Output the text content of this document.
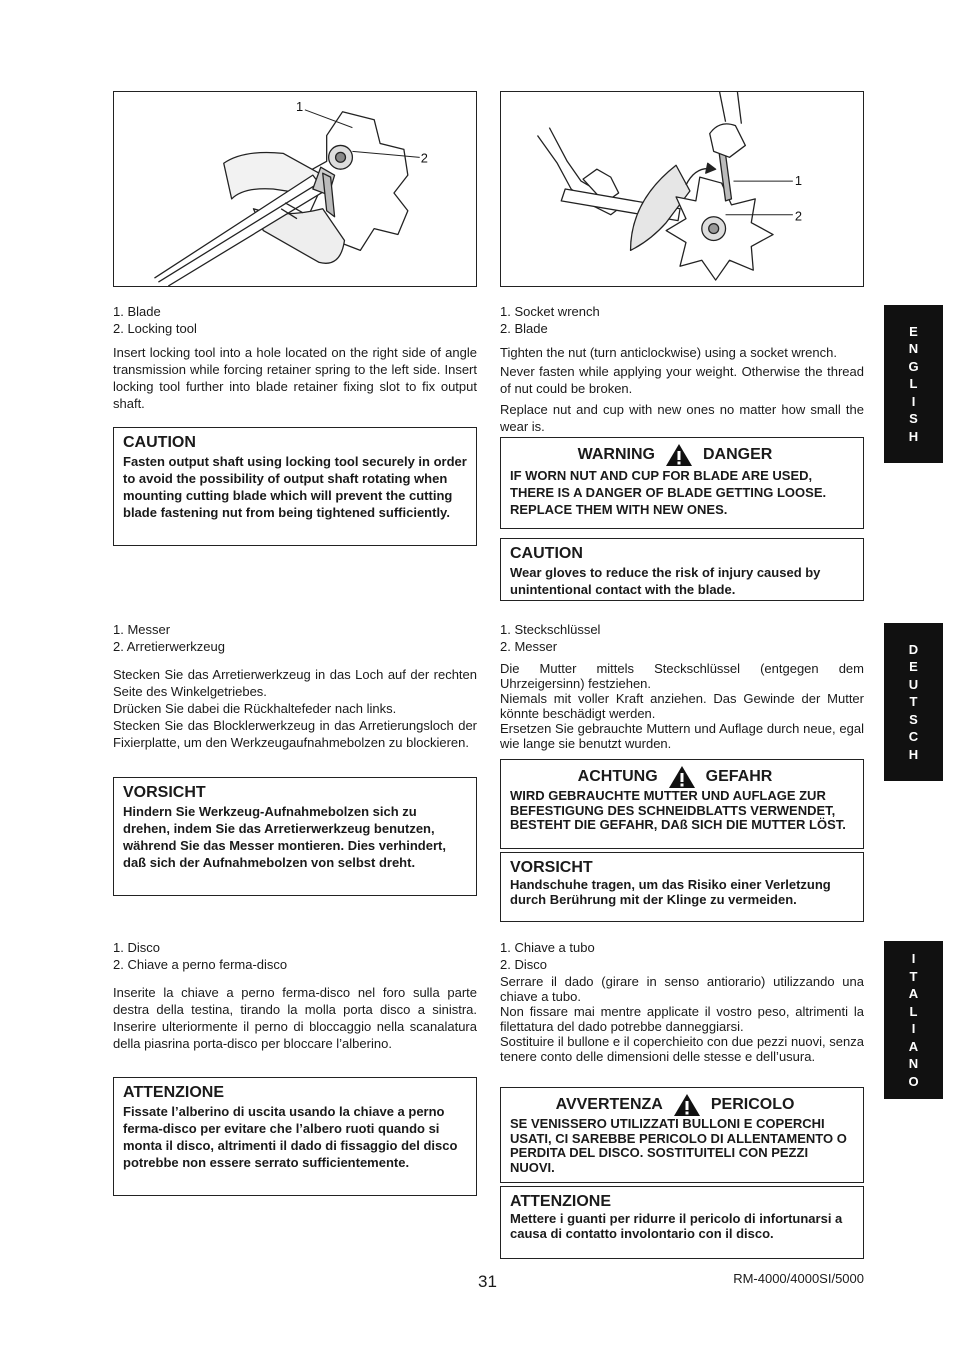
1
2
1
2
1. Blade
2. Locking tool

Insert locking tool into a hole located on the right side of angle transmission while forcing retainer spring to the left side. Insert locking tool further into blade retainer fixing slot to fix output shaft.

CAUTION
Fasten output shaft using locking tool securely in order to avoid the possibility of output shaft rotating when mounting cutting blade which will prevent the cutting blade fastening nut from being tightened sufficiently.
1. Socket wrench
2. Blade

Tighten the nut (turn anticlockwise) using a socket wrench.

Never fasten while applying your weight. Otherwise the thread of nut could be broken.

Replace nut and cup with new ones no matter how small the wear is.

WARNING	DANGER
IF WORN NUT AND CUP FOR BLADE ARE USED, THERE IS A DANGER OF BLADE GETTING LOOSE. REPLACE THEM WITH NEW ONES.
CAUTION
Wear gloves to reduce the risk of injury caused by unintentional contact with the blade.
1. Messer
2. Arretierwerkzeug

Stecken Sie das Arretierwerkzeug in das Loch auf der rechten Seite des Winkelgetriebes.

Drücken Sie dabei die Rückhaltefeder nach links.

Stecken Sie das Blocklerwerkzeug in das Arretierungsloch der Fixierplatte, um den Werkzeugaufnahmebolzen zu blockieren.

VORSICHT
Hindern Sie Werkzeug-Aufnahmebolzen sich zu drehen, indem Sie das Arretierwerkzeug benutzen, während Sie das Messer montieren. Dies verhindert, daß sich der Aufnahmebolzen von selbst dreht.
1. Steckschlüssel
2. Messer

Die Mutter mittels Steckschlüssel (entgegen dem Uhrzeigersinn) festziehen.

Niemals mit voller Kraft anziehen. Das Gewinde der Mutter könnte beschädigt werden.

Ersetzen Sie gebrauchte Muttern und Auflage durch neue, egal wie lange sie benutzt wurden.

ACHTUNG	GEFAHR
WIRD GEBRAUCHTE MUTTER UND AUFLAGE ZUR BEFESTIGUNG DES SCHNEIDBLATTS VERWENDET, BESTEHT DIE GEFAHR, DAß SICH DIE MUTTER LÖST.
VORSICHT
Handschuhe tragen, um das Risiko einer Verletzung durch Berührung mit der Klinge zu vermeiden.
1. Disco
2. Chiave a perno ferma-disco

Inserite la chiave a perno ferma-disco nel foro sulla parte destra della testina, tirando la molla porta disco a sinistra. Inserire ulteriormente il perno di bloccaggio nella scanalatura della piasrina porta-disco per bloccare l’alberino.

ATTENZIONE
Fissate l’alberino di uscita usando la chiave a perno ferma-disco per evitare che l’albero ruoti quando si monta il disco, altrimenti il dado di fissaggio del disco potrebbe non essere serrato sufficientemente.
1. Chiave a tubo
2. Disco

Serrare il dado (girare in senso antiorario) utilizzando una chiave a tubo.

Non fissare mai mentre applicate il vostro peso, altrimenti la filettatura del dado potrebbe danneggiarsi.

Sostituire il bullone e il coperchieito con due pezzi nuovi, senza tenere conto delle dimensioni delle stesse e dell’usura.

AVVERTENZA	PERICOLO
SE VENISSERO UTILIZZATI BULLONI E COPERCHI USATI, CI SAREBBE PERICOLO DI ALLENTAMENTO O PERDITA DEL DISCO. SOSTITUITELI CON PEZZI NUOVI.
ATTENZIONE
Mettere i guanti per ridurre il pericolo di infortunarsi a causa di contatto involontario con il disco.
E
N
G
L
I
S
H
D
E
U
T
S
C
H
I
T
A
L
I
A
N
O
31	RM-4000/4000SI/5000
